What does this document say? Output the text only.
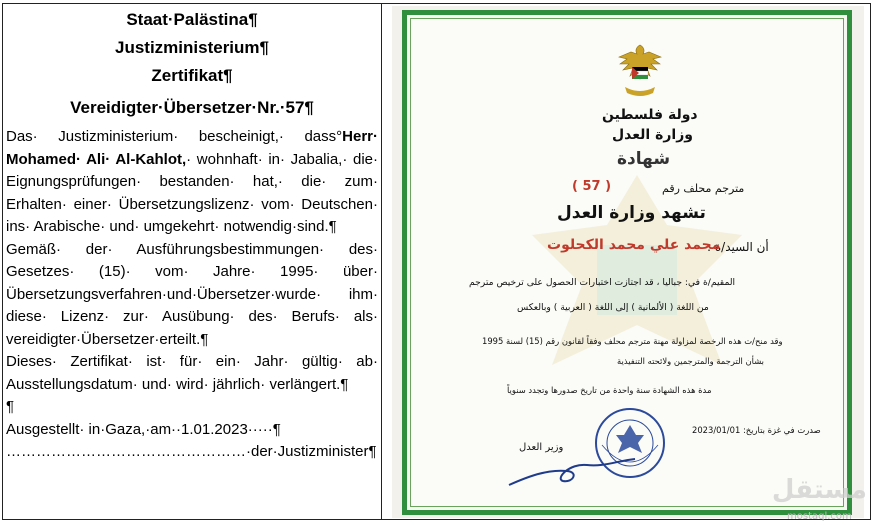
Staat·Palästina¶
Justizministerium¶
Zertifikat¶
Vereidigter·Übersetzer·Nr.·57¶

Das· Justizministerium· bescheinigt,· dass°Herr· Mohamed· Ali· Al-Kahlot,· wohnhaft· in· Jabalia,· die· Eignungsprüfungen· bestanden· hat,· die· zum· Erhalten· einer· Übersetzungslizenz· vom· Deutschen· ins· Arabische· und· umgekehrt· notwendig·sind.¶

Gemäß· der· Ausführungsbestimmungen· des· Gesetzes· (15)· vom· Jahre· 1995· über· Übersetzungsverfahren·und·Übersetzer·wurde· ihm· diese· Lizenz· zur· Ausübung· des· Berufs· als· vereidigter·Übersetzer·erteilt.¶

Dieses· Zertifikat· ist· für· ein· Jahr· gültig· ab· Ausstellungsdatum· und· wird· jährlich· verlängert.¶

¶

Ausgestellt· in·Gaza,·am··1.01.2023·····¶

…………………………………………·der·Justizminister¶

دولة فلسطين
وزارة العدل
شهادة
مترجم محلف رقم
( 57 )
تشهد وزارة العدل
أن السيد/ة :
محمد علي محمد الكحلوت
المقيم/ة في: جباليا ، قد اجتازت اختبارات الحصول على ترخيص مترجم
من اللغة ( الألمانية ) إلى اللغة ( العربية ) وبالعكس
وقد منح/ت هذه الرخصة لمزاولة مهنة مترجم محلف وفقاً لقانون رقم (15) لسنة 1995
بشأن الترجمة والمترجمين ولائحته التنفيذية
مدة هذه الشهادة سنة واحدة من تاريخ صدورها وتجدد سنوياً
صدرت في غزة بتاريخ: 2023/01/01
وزير العدل
مستقل
mostaql.com
